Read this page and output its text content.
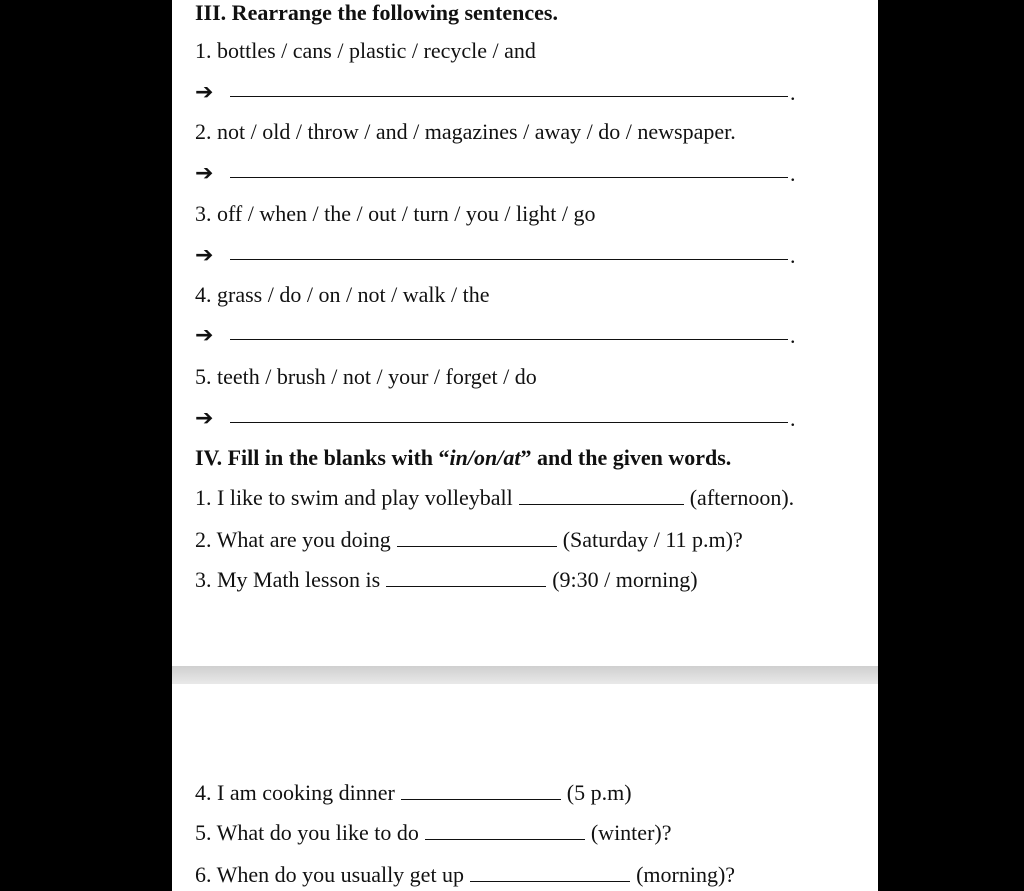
III. Rearrange the following sentences.
1. bottles / cans / plastic / recycle / and
➔	.
2. not / old / throw / and / magazines / away / do / newspaper.
➔	.
3. off / when / the / out / turn / you / light / go
➔	.
4. grass / do / on / not / walk / the
➔	.
5. teeth / brush / not / your / forget / do
➔	.
IV. Fill in the blanks with “in/on/at” and the given words.
1. I like to swim and play volleyball	(afternoon).
2. What are you doing	(Saturday / 11 p.m)?
3. My Math lesson is	(9:30 / morning)
4. I am cooking dinner	(5 p.m)
5. What do you like to do	(winter)?
6. When do you usually get up	(morning)?
